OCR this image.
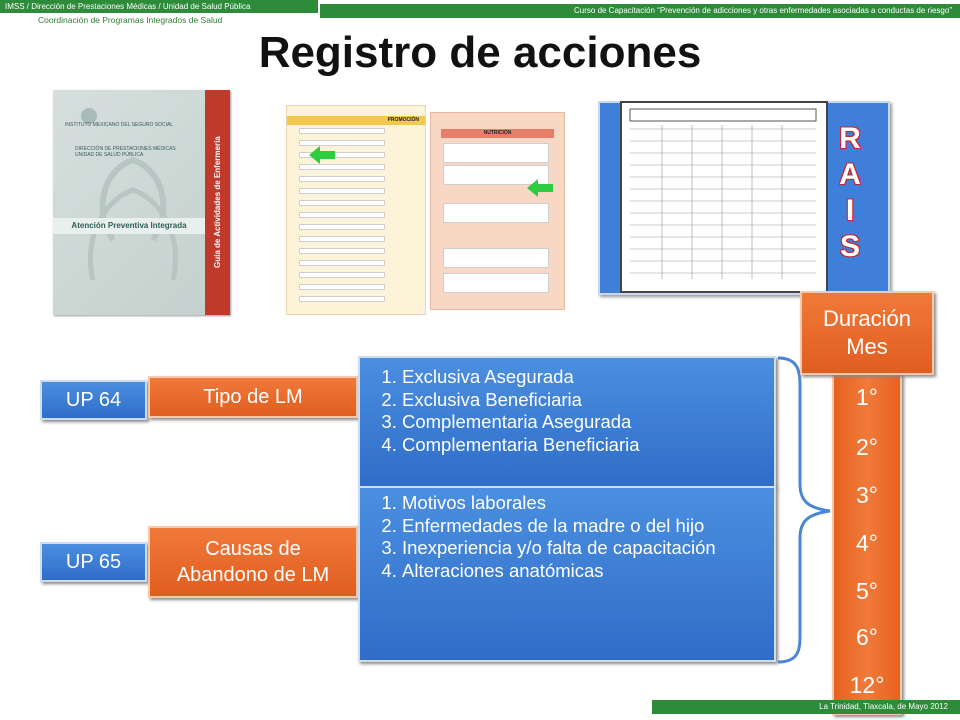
IMSS / Dirección de Prestaciones Médicas / Unidad de Salud Pública
Coordinación de Programas Integrados de Salud
Curso de Capacitación “Prevención de adicciones y otras enfermedades asociadas a conductas de riesgo”
Registro de acciones
INSTITUTO MEXICANO DEL SEGURO SOCIAL
DIRECCIÓN DE PRESTACIONES MÉDICAS UNIDAD DE SALUD PÚBLICA
Atención Preventiva Integrada	Guía de Actividades de Enfermería
PROMOCIÓN
NUTRICIÓN	R
A
I
S
UP 64	Tipo de LM
1. Exclusiva Asegurada
2. Exclusiva Beneficiaria
3. Complementaria Asegurada
4. Complementaria Beneficiaria
UP 65
Causas de
Abandono de LM
1. Motivos laborales
2. Enfermedades de la madre o del hijo
3. Inexperiencia y/o falta de capacitación
4. Alteraciones anatómicas
Duración
Mes
1°
2°
3°
4°
5°
6°
12°
La Trinidad, Tlaxcala, de Mayo 2012
